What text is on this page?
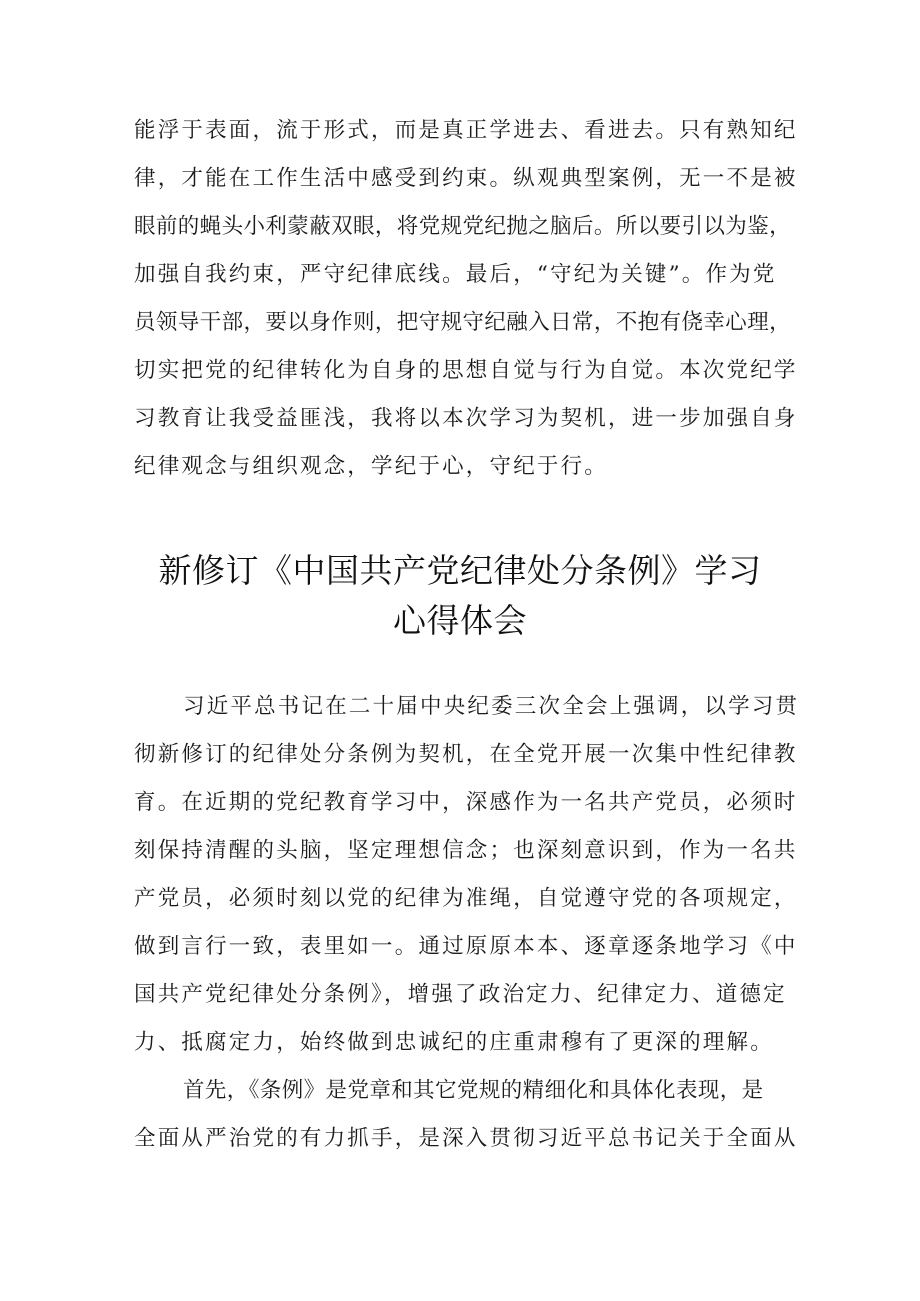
能浮于表面，流于形式，而是真正学进去、看进去。只有熟知纪
律，才能在工作生活中感受到约束。纵观典型案例，无一不是被
眼前的蝇头小利蒙蔽双眼，将党规党纪抛之脑后。所以要引以为鉴，
加强自我约束，严守纪律底线。最后，“守纪为关键”。作为党
员领导干部，要以身作则，把守规守纪融入日常，不抱有侥幸心理，
切实把党的纪律转化为自身的思想自觉与行为自觉。本次党纪学
习教育让我受益匪浅，我将以本次学习为契机，进一步加强自身
纪律观念与组织观念，学纪于心，守纪于行。
新修订《中国共产党纪律处分条例》学习
心得体会
习近平总书记在二十届中央纪委三次全会上强调，以学习贯
彻新修订的纪律处分条例为契机，在全党开展一次集中性纪律教
育。在近期的党纪教育学习中，深感作为一名共产党员，必须时
刻保持清醒的头脑，坚定理想信念；也深刻意识到，作为一名共
产党员，必须时刻以党的纪律为准绳，自觉遵守党的各项规定，
做到言行一致，表里如一。通过原原本本、逐章逐条地学习《中
国共产党纪律处分条例》，增强了政治定力、纪律定力、道德定
力、抵腐定力，始终做到忠诚纪的庄重肃穆有了更深的理解。
首先，《条例》是党章和其它党规的精细化和具体化表现，是
全面从严治党的有力抓手，是深入贯彻习近平总书记关于全面从
